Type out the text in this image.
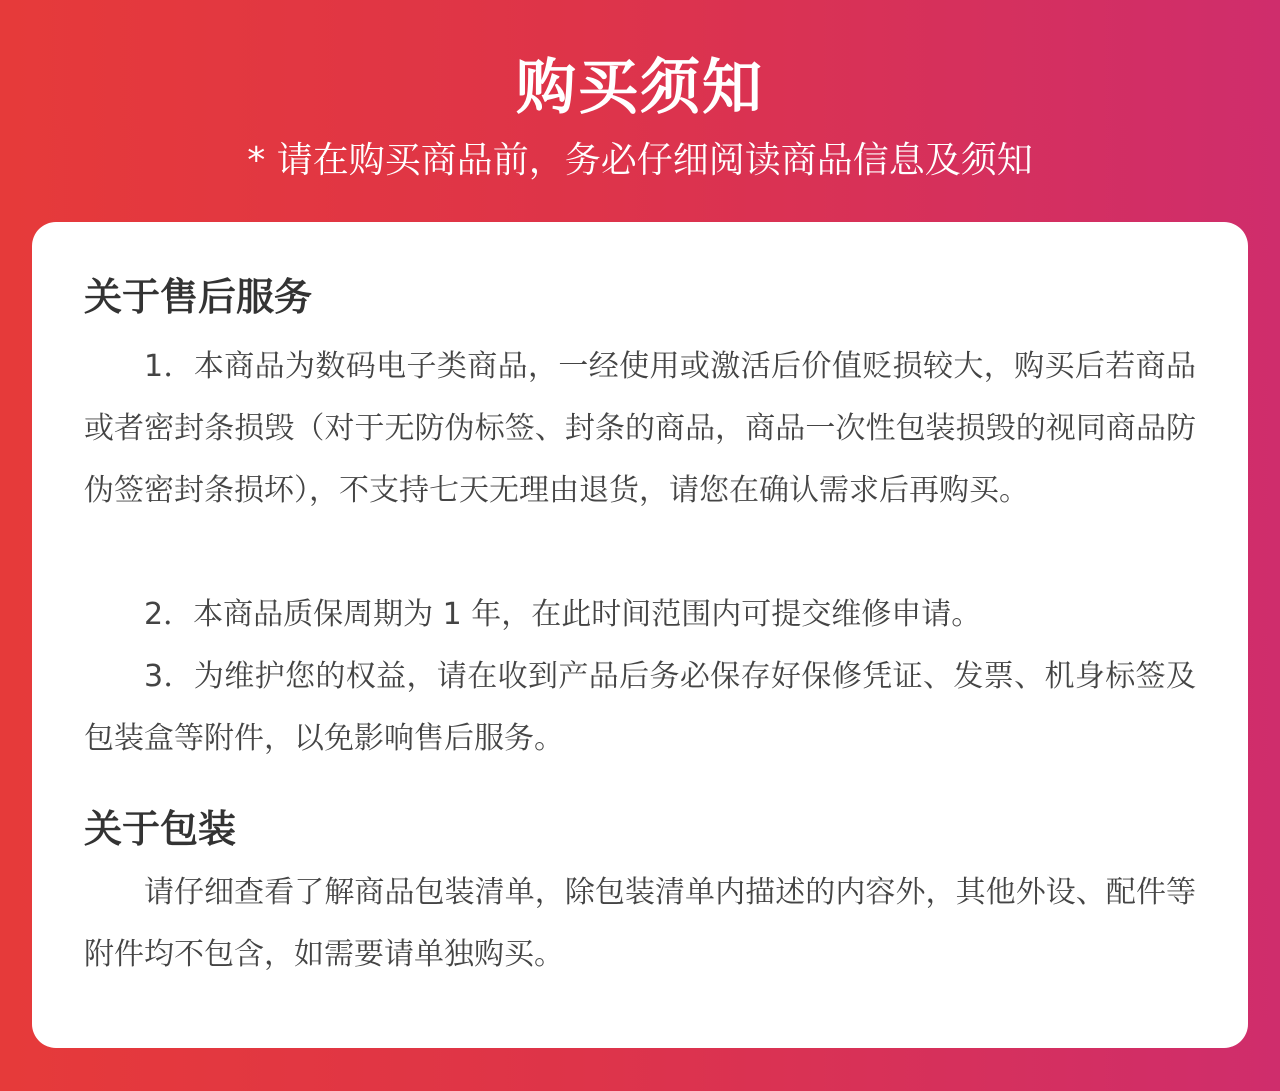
购买须知
* 请在购买商品前，务必仔细阅读商品信息及须知
关于售后服务

1．本商品为数码电子类商品，一经使用或激活后价值贬损较大，购买后若商品或者密封条损毁（对于无防伪标签、封条的商品，商品一次性包装损毁的视同商品防伪签密封条损坏），不支持七天无理由退货，请您在确认需求后再购买。

2．本商品质保周期为 1 年，在此时间范围内可提交维修申请。

3．为维护您的权益，请在收到产品后务必保存好保修凭证、发票、机身标签及包装盒等附件，以免影响售后服务。

关于包装

请仔细查看了解商品包装清单，除包装清单内描述的内容外，其他外设、配件等附件均不包含，如需要请单独购买。
